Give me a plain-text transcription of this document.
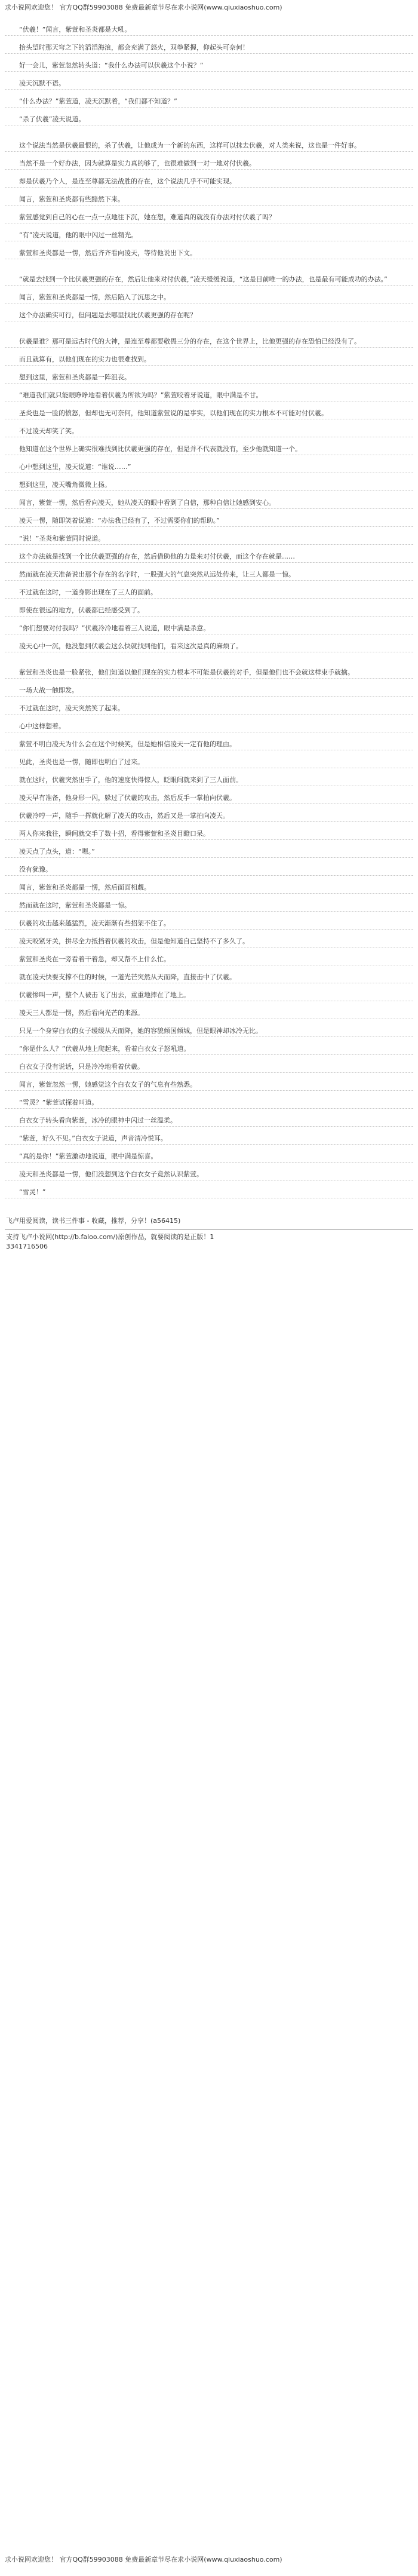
求小说网欢迎您！ 官方QQ群59903088 免费最新章节尽在求小说网(www.qiuxiaoshuo.com)
“伏羲！”闻言，紫萱和圣炎都是大吼。
抬头望时那天穹之下的滔滔海浪，都会充满了怒火，双拳紧握，仰起头可奈何！
好一会儿，紫萱忽然转头道：“我什么办法可以伏羲这个小说？”
凌天沉默不语。
“什么办法？”紫萱道，凌天沉默着，“我们都不知道？”
“杀了伏羲”凌天说道。
这个说法当然是伏羲最恨的，杀了伏羲，让他成为一个新的东西，这样可以抹去伏羲，对人类来说，这也是一件好事。
当然不是一个好办法，因为就算是实力真的够了，也很难做到一对一地对付伏羲。
却是伏羲乃个人，是连至尊都无法战胜的存在，这个说法几乎不可能实现。
闻言，紫萱和圣炎都有些黯然下来。
紫萱感觉到自己的心在一点一点地往下沉，她在想，难道真的就没有办法对付伏羲了吗？
“有”凌天说道，他的眼中闪过一丝精光。
紫萱和圣炎都是一愣，然后齐齐看向凌天，等待他说出下文。
“就是去找到一个比伏羲更强的存在，然后让他来对付伏羲，”凌天缓缓说道，“这是目前唯一的办法，也是最有可能成功的办法。”
闻言，紫萱和圣炎都是一愣，然后陷入了沉思之中。
这个办法确实可行，但问题是去哪里找比伏羲更强的存在呢？
伏羲是谁？那可是远古时代的大神，是连至尊都要敬畏三分的存在，在这个世界上，比他更强的存在恐怕已经没有了。
而且就算有，以他们现在的实力也很难找到。
想到这里，紫萱和圣炎都是一阵沮丧。
“难道我们就只能眼睁睁地看着伏羲为所欲为吗？”紫萱咬着牙说道，眼中满是不甘。
圣炎也是一脸的愤怒，但却也无可奈何，他知道紫萱说的是事实，以他们现在的实力根本不可能对付伏羲。
不过凌天却笑了笑。
他知道在这个世界上确实很难找到比伏羲更强的存在，但是并不代表就没有，至少他就知道一个。
心中想到这里，凌天说道：“谁说……”
想到这里，凌天嘴角微微上扬。
闻言，紫萱一愣，然后看向凌天，她从凌天的眼中看到了自信，那种自信让她感到安心。
凌天一愣，随即笑着说道：“办法我已经有了，不过需要你们的帮助。”
“说！”圣炎和紫萱同时说道。
这个办法就是找到一个比伏羲更强的存在，然后借助他的力量来对付伏羲，而这个存在就是……
然而就在凌天准备说出那个存在的名字时，一股强大的气息突然从远处传来，让三人都是一惊。
不过就在这时，一道身影出现在了三人的面前。
即使在很远的地方，伏羲都已经感受到了。
“你们想要对付我吗？”伏羲冷冷地看着三人说道，眼中满是杀意。
凌天心中一沉，他没想到伏羲会这么快就找到他们，看来这次是真的麻烦了。
紫萱和圣炎也是一脸紧张，他们知道以他们现在的实力根本不可能是伏羲的对手，但是他们也不会就这样束手就擒。
一场大战一触即发。
不过就在这时，凌天突然笑了起来。
心中这样想着。
紫萱不明白凌天为什么会在这个时候笑，但是她相信凌天一定有他的理由。
见此，圣炎也是一愣，随即也明白了过来。
就在这时，伏羲突然出手了，他的速度快得惊人，眨眼间就来到了三人面前。
凌天早有准备，他身形一闪，躲过了伏羲的攻击，然后反手一掌拍向伏羲。
伏羲冷哼一声，随手一挥就化解了凌天的攻击，然后又是一掌拍向凌天。
两人你来我往，瞬间就交手了数十招，看得紫萱和圣炎目瞪口呆。
凌天点了点头，道：“嗯。”
没有犹豫。
闻言，紫萱和圣炎都是一愣，然后面面相觑。
然而就在这时，紫萱和圣炎都是一惊。
伏羲的攻击越来越猛烈，凌天渐渐有些招架不住了。
凌天咬紧牙关，拼尽全力抵挡着伏羲的攻击，但是他知道自己坚持不了多久了。
紫萱和圣炎在一旁看着干着急，却又帮不上什么忙。
就在凌天快要支撑不住的时候，一道光芒突然从天而降，直接击中了伏羲。
伏羲惨叫一声，整个人被击飞了出去，重重地摔在了地上。
凌天三人都是一愣，然后看向光芒的来源。
只见一个身穿白衣的女子缓缓从天而降，她的容貌倾国倾城，但是眼神却冰冷无比。
“你是什么人？”伏羲从地上爬起来，看着白衣女子怒吼道。
白衣女子没有说话，只是冷冷地看着伏羲。
闻言，紫萱忽然一愣，她感觉这个白衣女子的气息有些熟悉。
“雪灵？”紫萱试探着叫道。
白衣女子转头看向紫萱，冰冷的眼神中闪过一丝温柔。
“紫萱，好久不见。”白衣女子说道，声音清冷悦耳。
“真的是你！”紫萱激动地说道，眼中满是惊喜。
凌天和圣炎都是一愣，他们没想到这个白衣女子竟然认识紫萱。
“雪灵！”
飞卢用爱阅读，读书三件事 - 收藏，推荐，分享！(a56415)
支持飞卢小说网(http://b.faloo.com/)原创作品，就要阅读的是正版！1
3341716506
求小说网欢迎您！ 官方QQ群59903088 免费最新章节尽在求小说网(www.qiuxiaoshuo.com)
